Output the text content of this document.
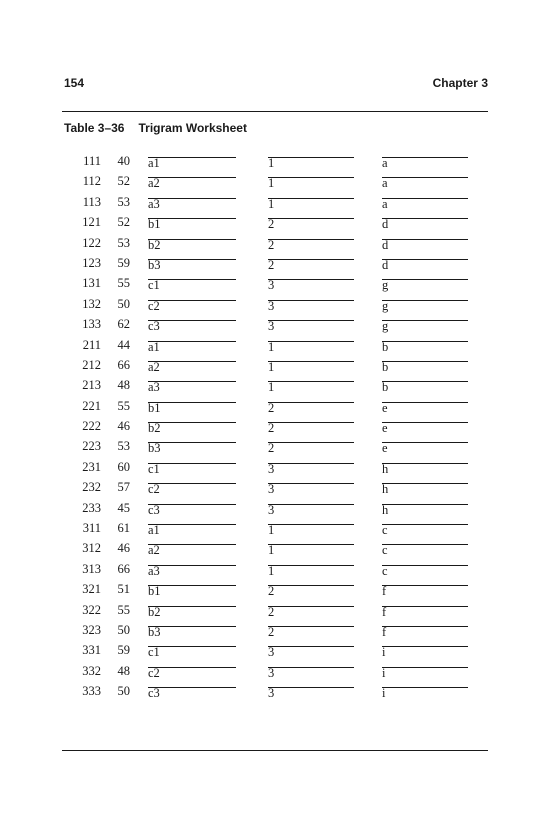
154	Chapter 3
Table 3–36 Trigram Worksheet
111	40 a1	1	a
112	52 a2	1	a
113	53 a3	1	a
121	52 b1	2	d
122	53 b2	2	d
123	59 b3	2	d
131	55 c1	3	g
132	50 c2	3	g
133	62 c3	3	g
211	44 a1	1	b
212	66 a2	1	b
213	48 a3	1	b
221	55 b1	2	e
222	46 b2	2	e
223	53 b3	2	e
231	60 c1	3	h
232	57 c2	3	h
233	45 c3	3	h
311	61 a1	1	c
312	46 a2	1	c
313	66 a3	1	c
321	51 b1	2	f
322	55 b2	2	f
323	50 b3	2	f
331	59 c1	3	i
332	48 c2	3	i
333	50 c3	3	i
